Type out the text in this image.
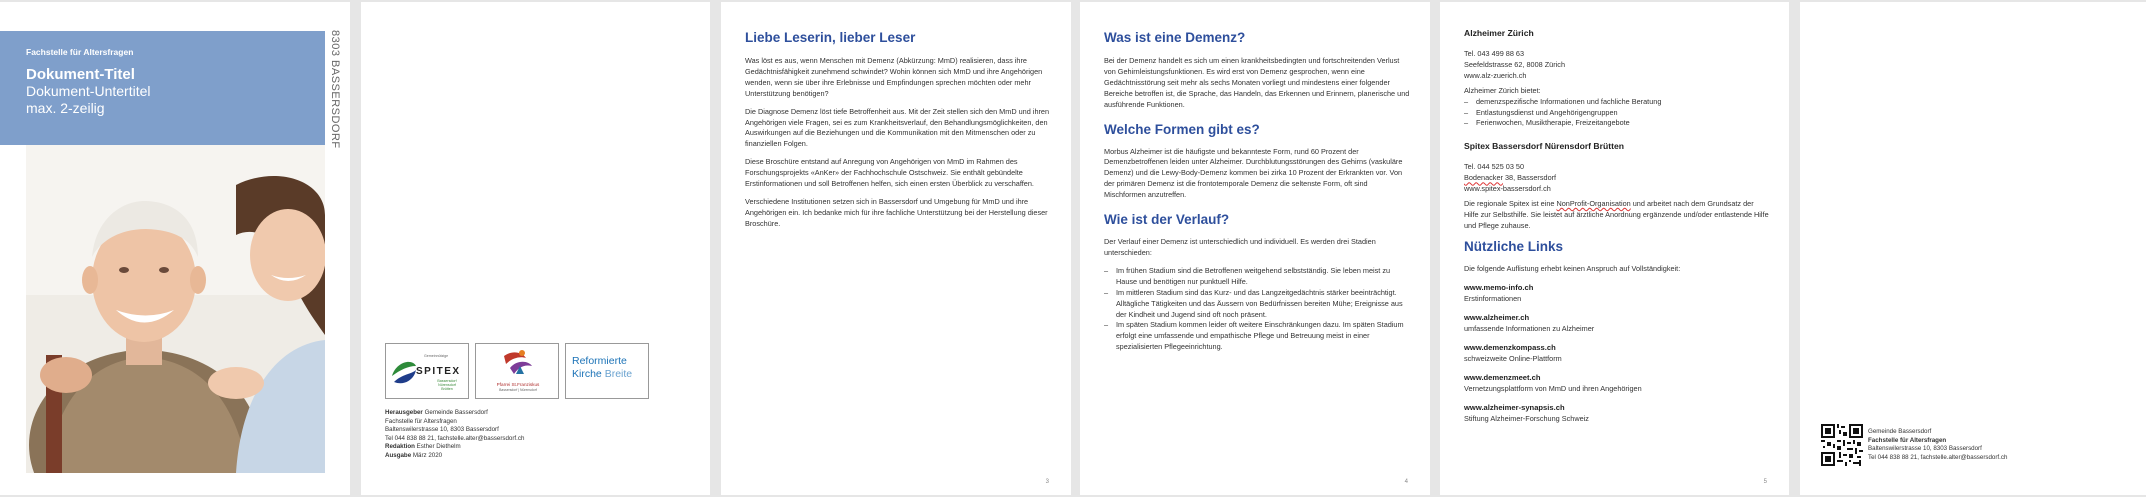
Fachstelle für Altersfragen
Dokument-Titel
Dokument-Untertitel
max. 2-zeilig	8303 BASSERSDORF
Gemeinnützige
SPITEX
Bassersdorf
Nürensdorf
Brütten
Pfarrei St.Franziskus
Bassersdorf | Nürensdorf
Reformierte
Kirche Breite
Herausgeber Gemeinde Bassersdorf
Fachstelle für Altersfragen
Baltenswilerstrasse 10, 8303 Bassersdorf
Tel 044 838 88 21, fachstelle.alter@bassersdorf.ch
Redaktion Esther Diethelm
Ausgabe März 2020
Liebe Leserin, lieber Leser

Was löst es aus, wenn Menschen mit Demenz (Abkürzung: MmD) realisieren, dass ihre Gedächtnisfähigkeit zunehmend schwindet? Wohin können sich MmD und ihre Angehörigen wenden, wenn sie über ihre Erlebnisse und Empfindungen sprechen möchten oder mehr Unterstützung benötigen?

Die Diagnose Demenz löst tiefe Betroffenheit aus. Mit der Zeit stellen sich den MmD und ihren Angehörigen viele Fragen, sei es zum Krankheitsverlauf, den Behandlungsmöglichkeiten, den Auswirkungen auf die Beziehungen und die Kommunikation mit den Mitmenschen oder zu finanziellen Folgen.

Diese Broschüre entstand auf Anregung von Angehörigen von MmD im Rahmen des Forschungsprojekts «AnKer» der Fachhochschule Ostschweiz. Sie enthält gebündelte Erstinformationen und soll Betroffenen helfen, sich einen ersten Überblick zu verschaffen.

Verschiedene Institutionen setzen sich in Bassersdorf und Umgebung für MmD und ihre Angehörigen ein. Ich bedanke mich für ihre fachliche Unterstützung bei der Herstellung dieser Broschüre.

3
Was ist eine Demenz?

Bei der Demenz handelt es sich um einen krankheitsbedingten und fortschreitenden Verlust von Gehirnleistungsfunktionen. Es wird erst von Demenz gesprochen, wenn eine Gedächtnisstörung seit mehr als sechs Monaten vorliegt und mindestens einer folgender Bereiche betroffen ist, die Sprache, das Handeln, das Erkennen und Erinnern, planerische und ausführende Funktionen.

Welche Formen gibt es?

Morbus Alzheimer ist die häufigste und bekannteste Form, rund 60 Prozent der Demenzbetroffenen leiden unter Alzheimer. Durchblutungsstörungen des Gehirns (vaskuläre Demenz) und die Lewy-Body-Demenz kommen bei zirka 10 Prozent der Erkrankten vor. Von der primären Demenz ist die frontotemporale Demenz die seltenste Form, oft sind Mischformen anzutreffen.

Wie ist der Verlauf?

Der Verlauf einer Demenz ist unterschiedlich und individuell. Es werden drei Stadien unterschieden:

– Im frühen Stadium sind die Betroffenen weitgehend selbstständig. Sie leben meist zu Hause und benötigen nur punktuell Hilfe.
– Im mittleren Stadium sind das Kurz- und das Langzeitgedächtnis stärker beeinträchtigt. Alltägliche Tätigkeiten und das Äussern von Bedürfnissen bereiten Mühe; Ereignisse aus der Kindheit und Jugend sind oft noch präsent.
– Im späten Stadium kommen leider oft weitere Einschränkungen dazu. Im späten Stadium erfolgt eine umfassende und empathische Pflege und Betreuung meist in einer spezialisierten Pflegeeinrichtung.
4
Alzheimer Zürich
Tel. 043 499 88 63
Seefeldstrasse 62, 8008 Zürich
www.alz-zuerich.ch
Alzheimer Zürich bietet:
– demenzspezifische Informationen und fachliche Beratung
– Entlastungsdienst und Angehörigengruppen
– Ferienwochen, Musiktherapie, Freizeitangebote
Spitex Bassersdorf Nürensdorf Brütten
Tel. 044 525 03 50
Bodenacker 38, Bassersdorf
www.spitex-bassersdorf.ch
Die regionale Spitex ist eine NonProfit-Organisation und arbeitet nach dem Grundsatz der Hilfe zur Selbsthilfe. Sie leistet auf ärztliche Anordnung ergänzende und/oder entlastende Hilfe und Pflege zuhause.
Nützliche Links
Die folgende Auflistung erhebt keinen Anspruch auf Vollständigkeit:
www.memo-info.ch
Erstinformationen
www.alzheimer.ch
umfassende Informationen zu Alzheimer
www.demenzkompass.ch
schweizweite Online-Plattform
www.demenzmeet.ch
Vernetzungsplattform von MmD und ihren Angehörigen
www.alzheimer-synapsis.ch
Stiftung Alzheimer-Forschung Schweiz
5
Gemeinde Bassersdorf
Fachstelle für Altersfragen
Baltenswilerstrasse 10, 8303 Bassersdorf
Tel 044 838 88 21, fachstelle.alter@bassersdorf.ch
